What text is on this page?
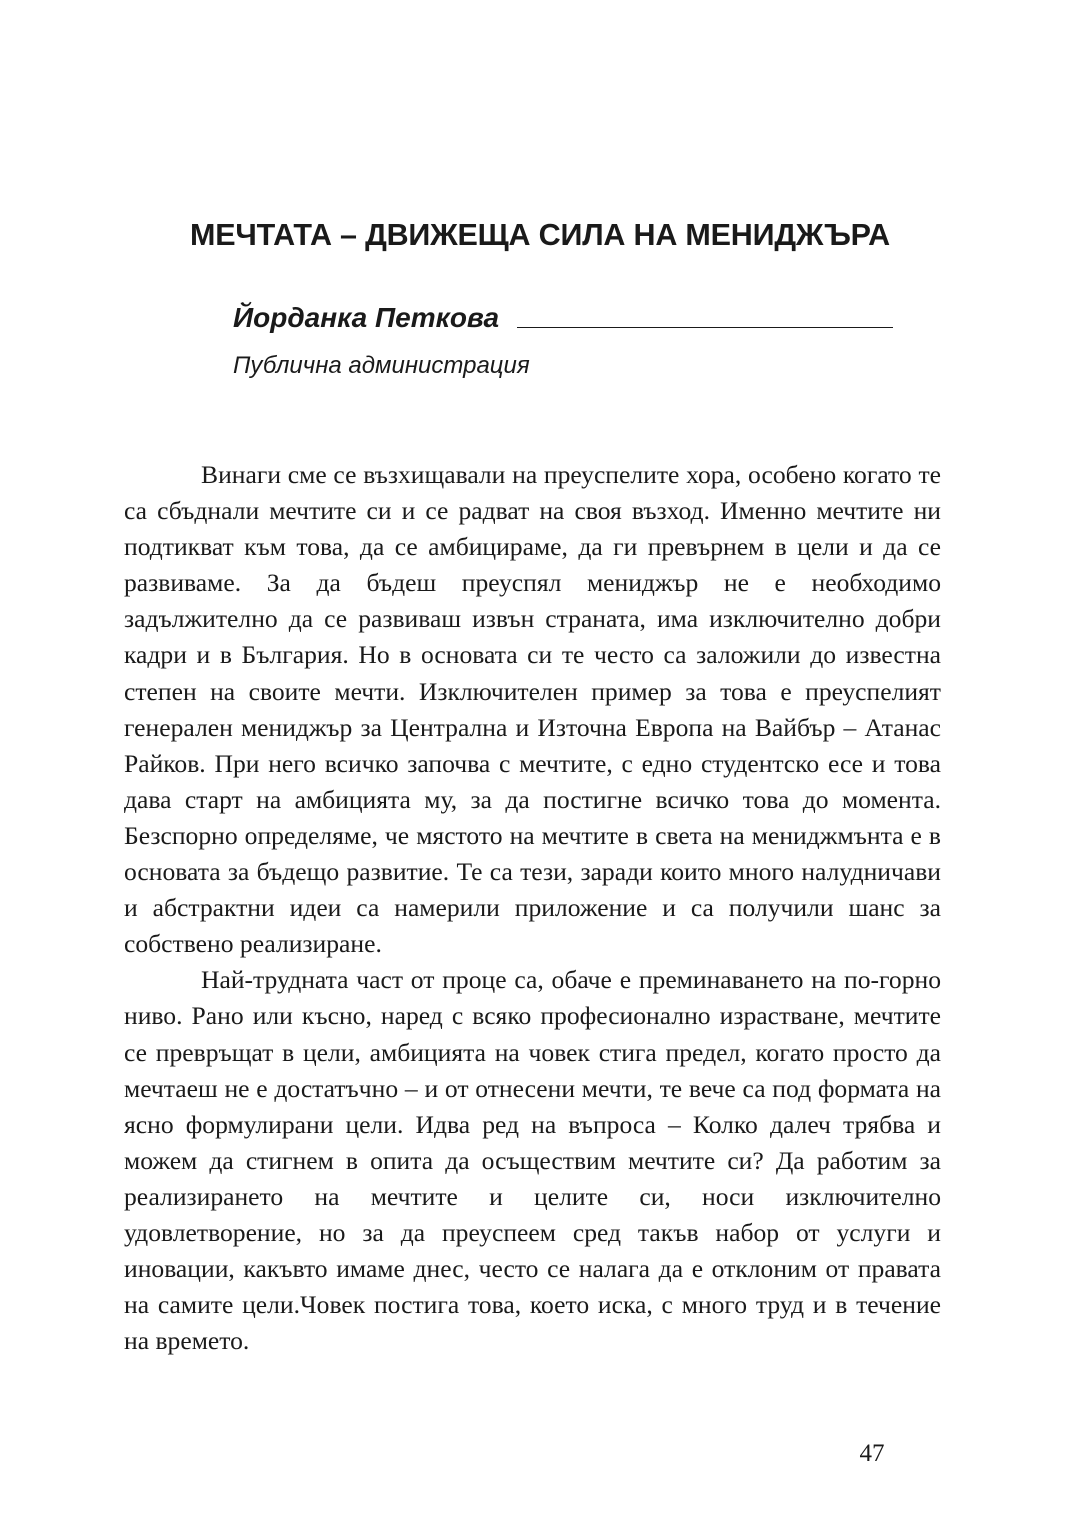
МЕЧТАТА – ДВИЖЕЩА СИЛА НА МЕНИДЖЪРА
Йорданка Петкова
Публична администрация

Винаги сме се възхищавали на преуспелите хора, особено когато те са сбъднали мечтите си и се радват на своя възход. Именно мечтите ни подтикват към това, да се амбицираме, да ги превърнем в цели и да се развиваме. За да бъдеш преуспял мениджър не е необходимо задължително да се развиваш извън страната, има изключително добри кадри и в България. Но в основата си те често са заложили до известна степен на своите мечти. Изключителен пример за това е преуспелият генерален мениджър за Централна и Източна Европа на Вайбър – Атанас Райков. При него всичко започва с мечтите, с едно студентско есе и това дава старт на амбицията му, за да постигне всичко това до момента. Безспорно определяме, че мястото на мечтите в света на мениджмънта е в основата за бъдещо развитие. Те са тези, заради които много налудничави и абстрактни идеи са намерили приложение и са получили шанс за собствено реализиране.

Най-трудната част от проце са, обаче е преминаването на по-горно ниво. Рано или късно, наред с всяко професионално израстване, мечтите се превръщат в цели, амбицията на човек стига предел, когато просто да мечтаеш не е достатъчно – и от отнесени мечти, те вече са под формата на ясно формулирани цели. Идва ред на въпроса – Колко далеч трябва и можем да стигнем в опита да осъществим мечтите си? Да работим за реализирането на мечтите и целите си, носи изключително удовлетворение, но за да преуспеем сред такъв набор от услуги и иновации, какъвто имаме днес, често се налага да е отклоним от правата на самите цели.Човек постига това, което иска, с много труд и в течение на времето.

47
